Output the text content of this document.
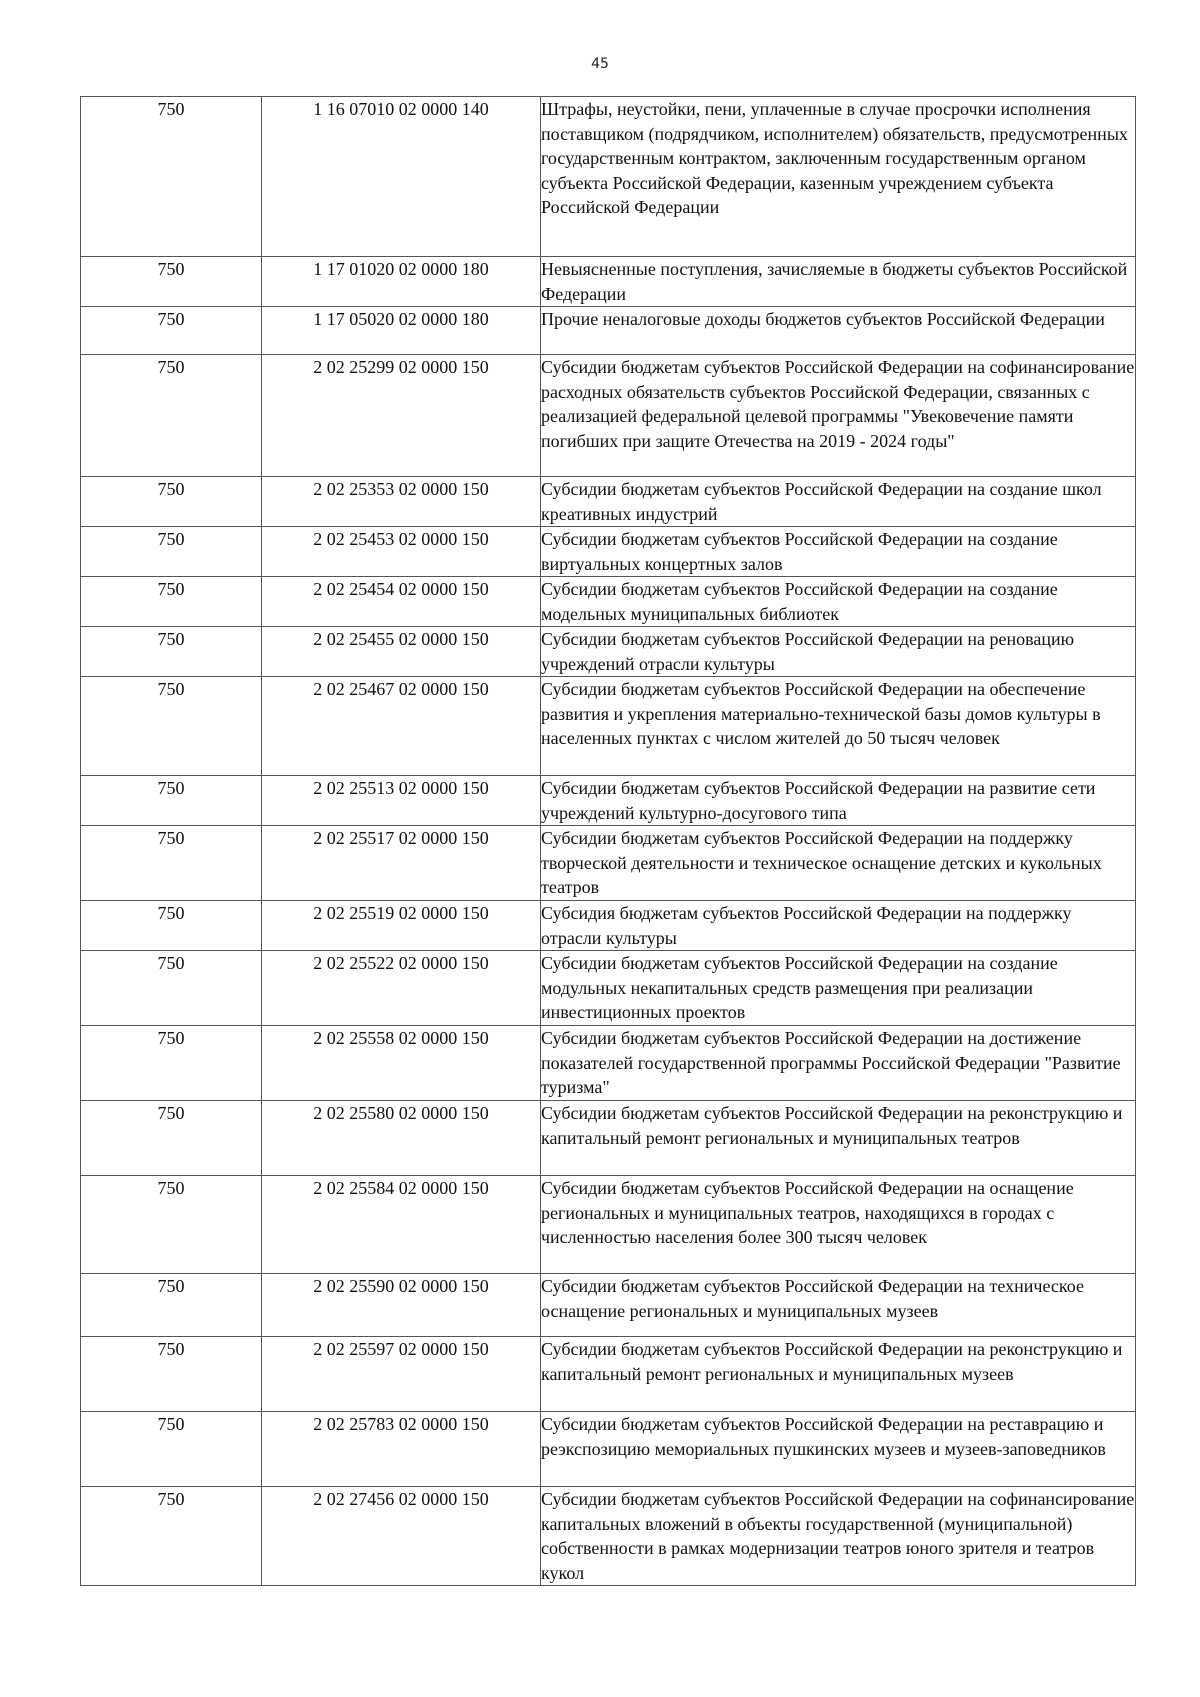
45
750	1 16 07010 02 0000 140	Штрафы, неустойки, пени, уплаченные в случае просрочки исполнения поставщиком (подрядчиком, исполнителем) обязательств, предусмотренных государственным контрактом, заключенным государственным органом субъекта Российской Федерации, казенным учреждением субъекта Российской Федерации
750	1 17 01020 02 0000 180	Невыясненные поступления, зачисляемые в бюджеты субъектов Российской Федерации
750	1 17 05020 02 0000 180	Прочие неналоговые доходы бюджетов субъектов Российской Федерации
750	2 02 25299 02 0000 150	Субсидии бюджетам субъектов Российской Федерации на софинансирование расходных обязательств субъектов Российской Федерации, связанных с реализацией федеральной целевой программы "Увековечение памяти погибших при защите Отечества на 2019 - 2024 годы"
750	2 02 25353 02 0000 150	Субсидии бюджетам субъектов Российской Федерации на создание школ креативных индустрий
750	2 02 25453 02 0000 150	Субсидии бюджетам субъектов Российской Федерации на создание виртуальных концертных залов
750	2 02 25454 02 0000 150	Субсидии бюджетам субъектов Российской Федерации на создание модельных муниципальных библиотек
750	2 02 25455 02 0000 150	Субсидии бюджетам субъектов Российской Федерации на реновацию учреждений отрасли культуры
750	2 02 25467 02 0000 150	Субсидии бюджетам субъектов Российской Федерации на обеспечение развития и укрепления материально-технической базы домов культуры в населенных пунктах с числом жителей до 50 тысяч человек
750	2 02 25513 02 0000 150	Субсидии бюджетам субъектов Российской Федерации на развитие сети учреждений культурно-досугового типа
750	2 02 25517 02 0000 150	Субсидии бюджетам субъектов Российской Федерации на поддержку творческой деятельности и техническое оснащение детских и кукольных театров
750	2 02 25519 02 0000 150	Субсидия бюджетам субъектов Российской Федерации на поддержку отрасли культуры
750	2 02 25522 02 0000 150	Субсидии бюджетам субъектов Российской Федерации на создание модульных некапитальных средств размещения при реализации инвестиционных проектов
750	2 02 25558 02 0000 150	Субсидии бюджетам субъектов Российской Федерации на достижение показателей государственной программы Российской Федерации "Развитие туризма"
750	2 02 25580 02 0000 150	Субсидии бюджетам субъектов Российской Федерации на реконструкцию и капитальный ремонт региональных и муниципальных театров
750	2 02 25584 02 0000 150	Субсидии бюджетам субъектов Российской Федерации на оснащение региональных и муниципальных театров, находящихся в городах с численностью населения более 300 тысяч человек
750	2 02 25590 02 0000 150	Субсидии бюджетам субъектов Российской Федерации на техническое оснащение региональных и муниципальных музеев
750	2 02 25597 02 0000 150	Субсидии бюджетам субъектов Российской Федерации на реконструкцию и капитальный ремонт региональных и муниципальных музеев
750	2 02 25783 02 0000 150	Субсидии бюджетам субъектов Российской Федерации на реставрацию и реэкспозицию мемориальных пушкинских музеев и музеев-заповедников
750	2 02 27456 02 0000 150	Субсидии бюджетам субъектов Российской Федерации на софинансирование капитальных вложений в объекты государственной (муниципальной) собственности в рамках модернизации театров юного зрителя и театров кукол
